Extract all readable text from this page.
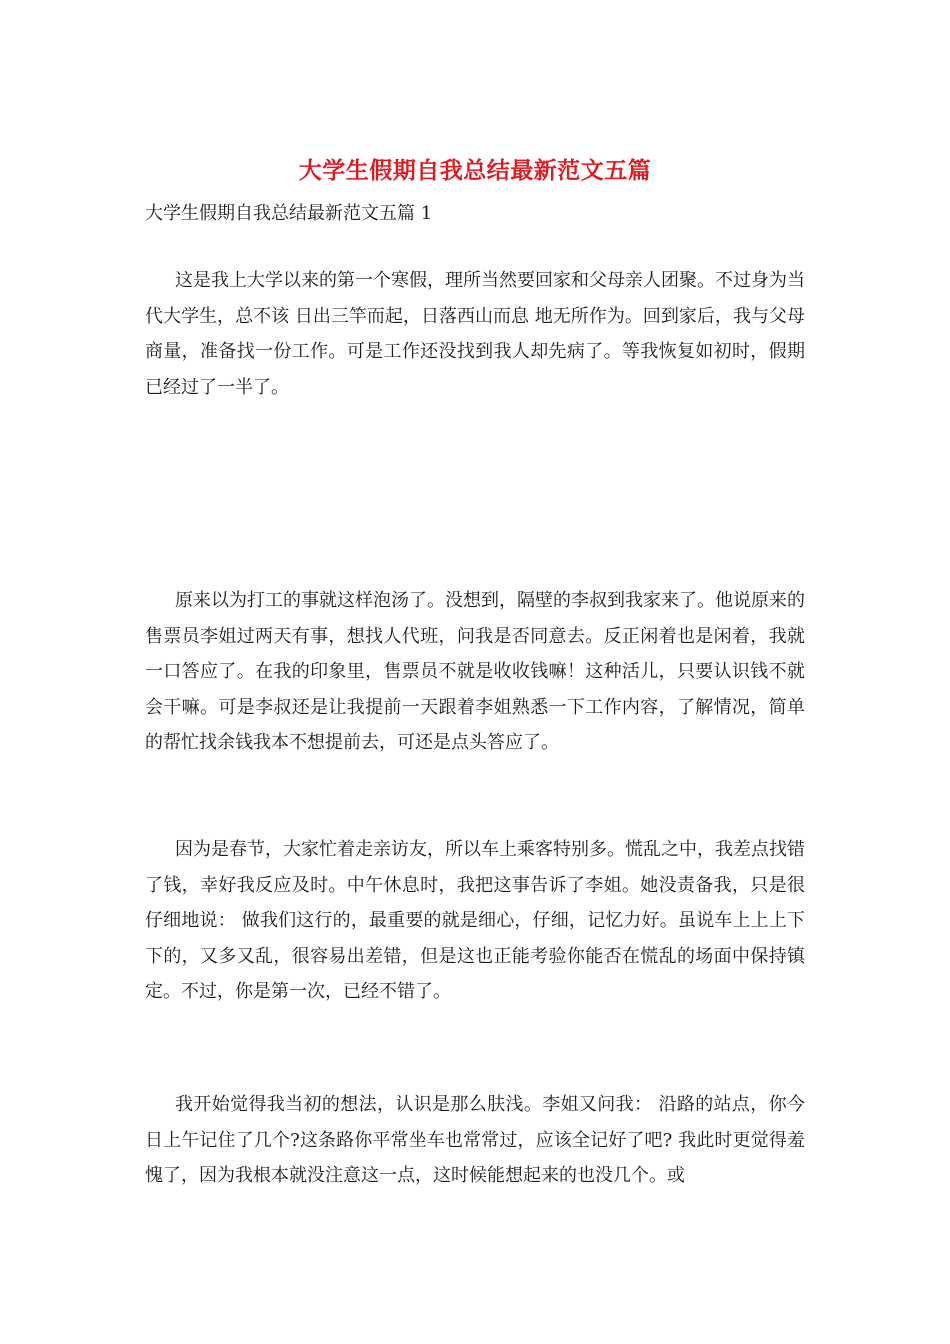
大学生假期自我总结最新范文五篇

大学生假期自我总结最新范文五篇 1

这是我上大学以来的第一个寒假，理所当然要回家和父母亲人团聚。不过身为当代大学生，总不该 日出三竿而起，日落西山而息 地无所作为。回到家后，我与父母商量，准备找一份工作。可是工作还没找到我人却先病了。等我恢复如初时，假期已经过了一半了。

原来以为打工的事就这样泡汤了。没想到，隔壁的李叔到我家来了。他说原来的售票员李姐过两天有事，想找人代班，问我是否同意去。反正闲着也是闲着，我就一口答应了。在我的印象里，售票员不就是收收钱嘛！这种活儿，只要认识钱不就会干嘛。可是李叔还是让我提前一天跟着李姐熟悉一下工作内容，了解情况，简单的帮忙找余钱我本不想提前去，可还是点头答应了。

因为是春节，大家忙着走亲访友，所以车上乘客特别多。慌乱之中，我差点找错了钱，幸好我反应及时。中午休息时，我把这事告诉了李姐。她没责备我，只是很仔细地说： 做我们这行的，最重要的就是细心，仔细，记忆力好。虽说车上上上下下的，又多又乱，很容易出差错，但是这也正能考验你能否在慌乱的场面中保持镇定。不过，你是第一次，已经不错了。

我开始觉得我当初的想法，认识是那么肤浅。李姐又问我： 沿路的站点，你今日上午记住了几个?这条路你平常坐车也常常过，应该全记好了吧? 我此时更觉得羞愧了，因为我根本就没注意这一点，这时候能想起来的也没几个。或
